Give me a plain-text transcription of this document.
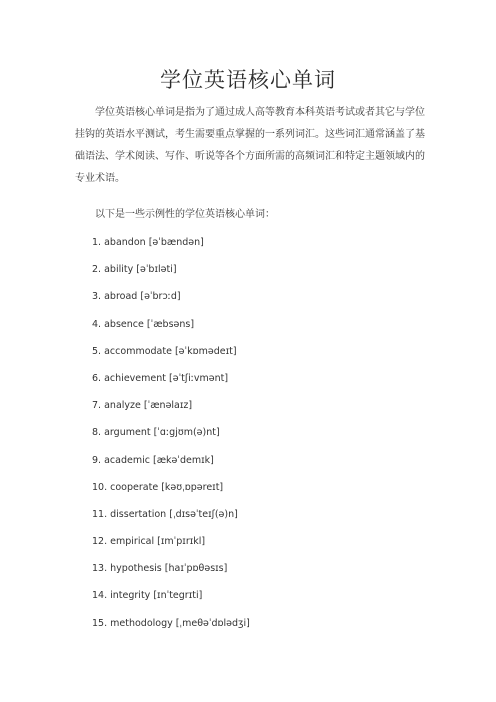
学位英语核心单词

学位英语核心单词是指为了通过成人高等教育本科英语考试或者其它与学位挂钩的英语水平测试，考生需要重点掌握的一系列词汇。这些词汇通常涵盖了基础语法、学术阅读、写作、听说等各个方面所需的高频词汇和特定主题领域内的专业术语。

以下是一些示例性的学位英语核心单词：

1. abandon [əˈbændən]
2. ability [əˈbɪləti]
3. abroad [əˈbrɔːd]
4. absence [ˈæbsəns]
5. accommodate [əˈkɒmədeɪt]
6. achievement [əˈtʃiːvmənt]
7. analyze [ˈænəlaɪz]
8. argument [ˈɑːgjʊm(ə)nt]
9. academic [ækəˈdemɪk]
10. cooperate [kəʊˌɒpəreɪt]
11. dissertation [ˌdɪsəˈteɪʃ(ə)n]
12. empirical [ɪmˈpɪrɪkl]
13. hypothesis [haɪˈpɒθəsɪs]
14. integrity [ɪnˈtegrɪti]
15. methodology [ˌmeθəˈdɒlədʒi]
